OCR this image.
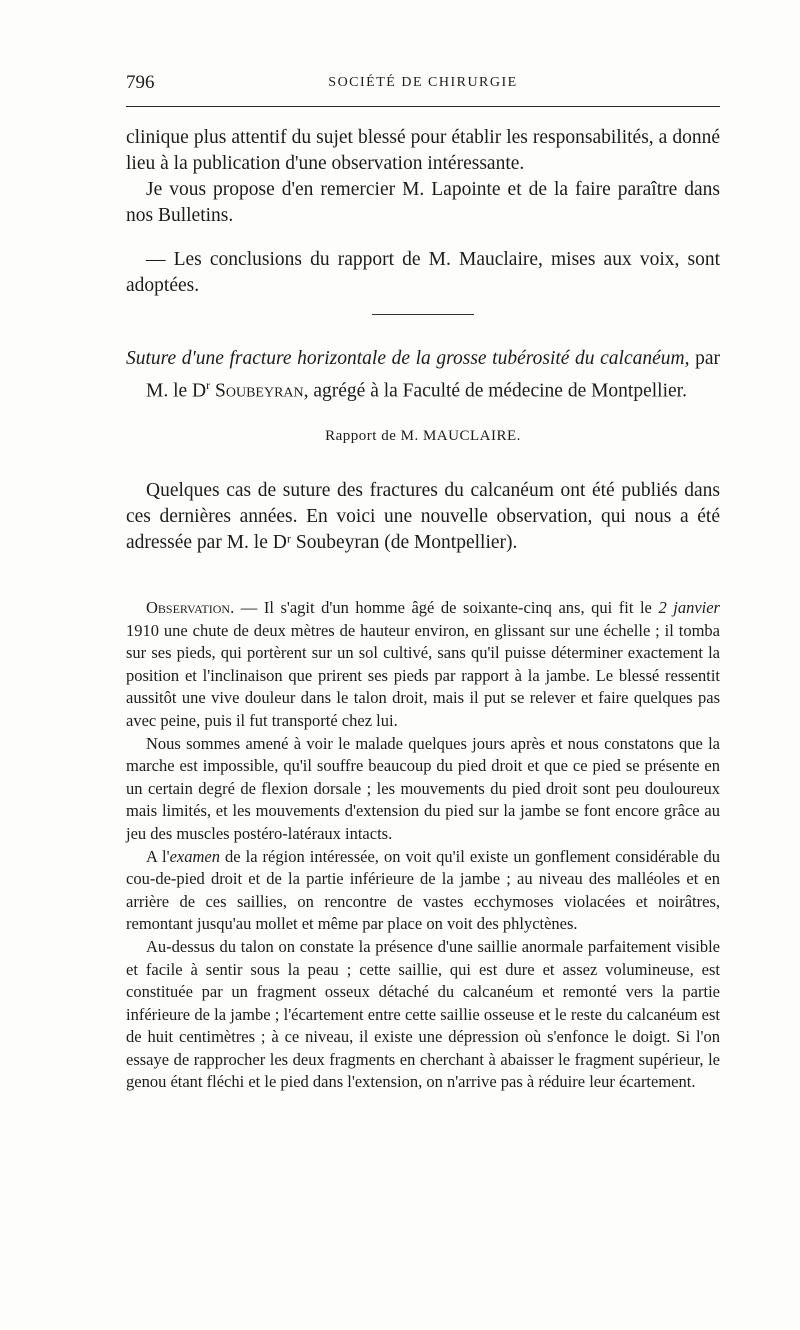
796	SOCIÉTÉ DE CHIRURGIE

clinique plus attentif du sujet blessé pour établir les responsabilités, a donné lieu à la publication d'une observation intéressante.

Je vous propose d'en remercier M. Lapointe et de la faire paraître dans nos Bulletins.

— Les conclusions du rapport de M. Mauclaire, mises aux voix, sont adoptées.

Suture d'une fracture horizontale de la grosse tubérosité du calcanéum, par M. le $D^r$ Soubeyran, agrégé à la Faculté de médecine de Montpellier.

Rapport de M. MAUCLAIRE.

Quelques cas de suture des fractures du calcanéum ont été publiés dans ces dernières années. En voici une nouvelle observation, qui nous a été adressée par M. le Dʳ Soubeyran (de Montpellier).

Observation. — Il s'agit d'un homme âgé de soixante-cinq ans, qui fit le 2 janvier 1910 une chute de deux mètres de hauteur environ, en glissant sur une échelle ; il tomba sur ses pieds, qui portèrent sur un sol cultivé, sans qu'il puisse déterminer exactement la position et l'inclinaison que prirent ses pieds par rapport à la jambe. Le blessé ressentit aussitôt une vive douleur dans le talon droit, mais il put se relever et faire quelques pas avec peine, puis il fut transporté chez lui.

Nous sommes amené à voir le malade quelques jours après et nous constatons que la marche est impossible, qu'il souffre beaucoup du pied droit et que ce pied se présente en un certain degré de flexion dorsale ; les mouvements du pied droit sont peu douloureux mais limités, et les mouvements d'extension du pied sur la jambe se font encore grâce au jeu des muscles postéro-latéraux intacts.

A l'examen de la région intéressée, on voit qu'il existe un gonflement considérable du cou-de-pied droit et de la partie inférieure de la jambe ; au niveau des malléoles et en arrière de ces saillies, on rencontre de vastes ecchymoses violacées et noirâtres, remontant jusqu'au mollet et même par place on voit des phlyctènes.

Au-dessus du talon on constate la présence d'une saillie anormale parfaitement visible et facile à sentir sous la peau ; cette saillie, qui est dure et assez volumineuse, est constituée par un fragment osseux détaché du calcanéum et remonté vers la partie inférieure de la jambe ; l'écartement entre cette saillie osseuse et le reste du calcanéum est de huit centimètres ; à ce niveau, il existe une dépression où s'enfonce le doigt. Si l'on essaye de rapprocher les deux fragments en cherchant à abaisser le fragment supérieur, le genou étant fléchi et le pied dans l'extension, on n'arrive pas à réduire leur écartement.
